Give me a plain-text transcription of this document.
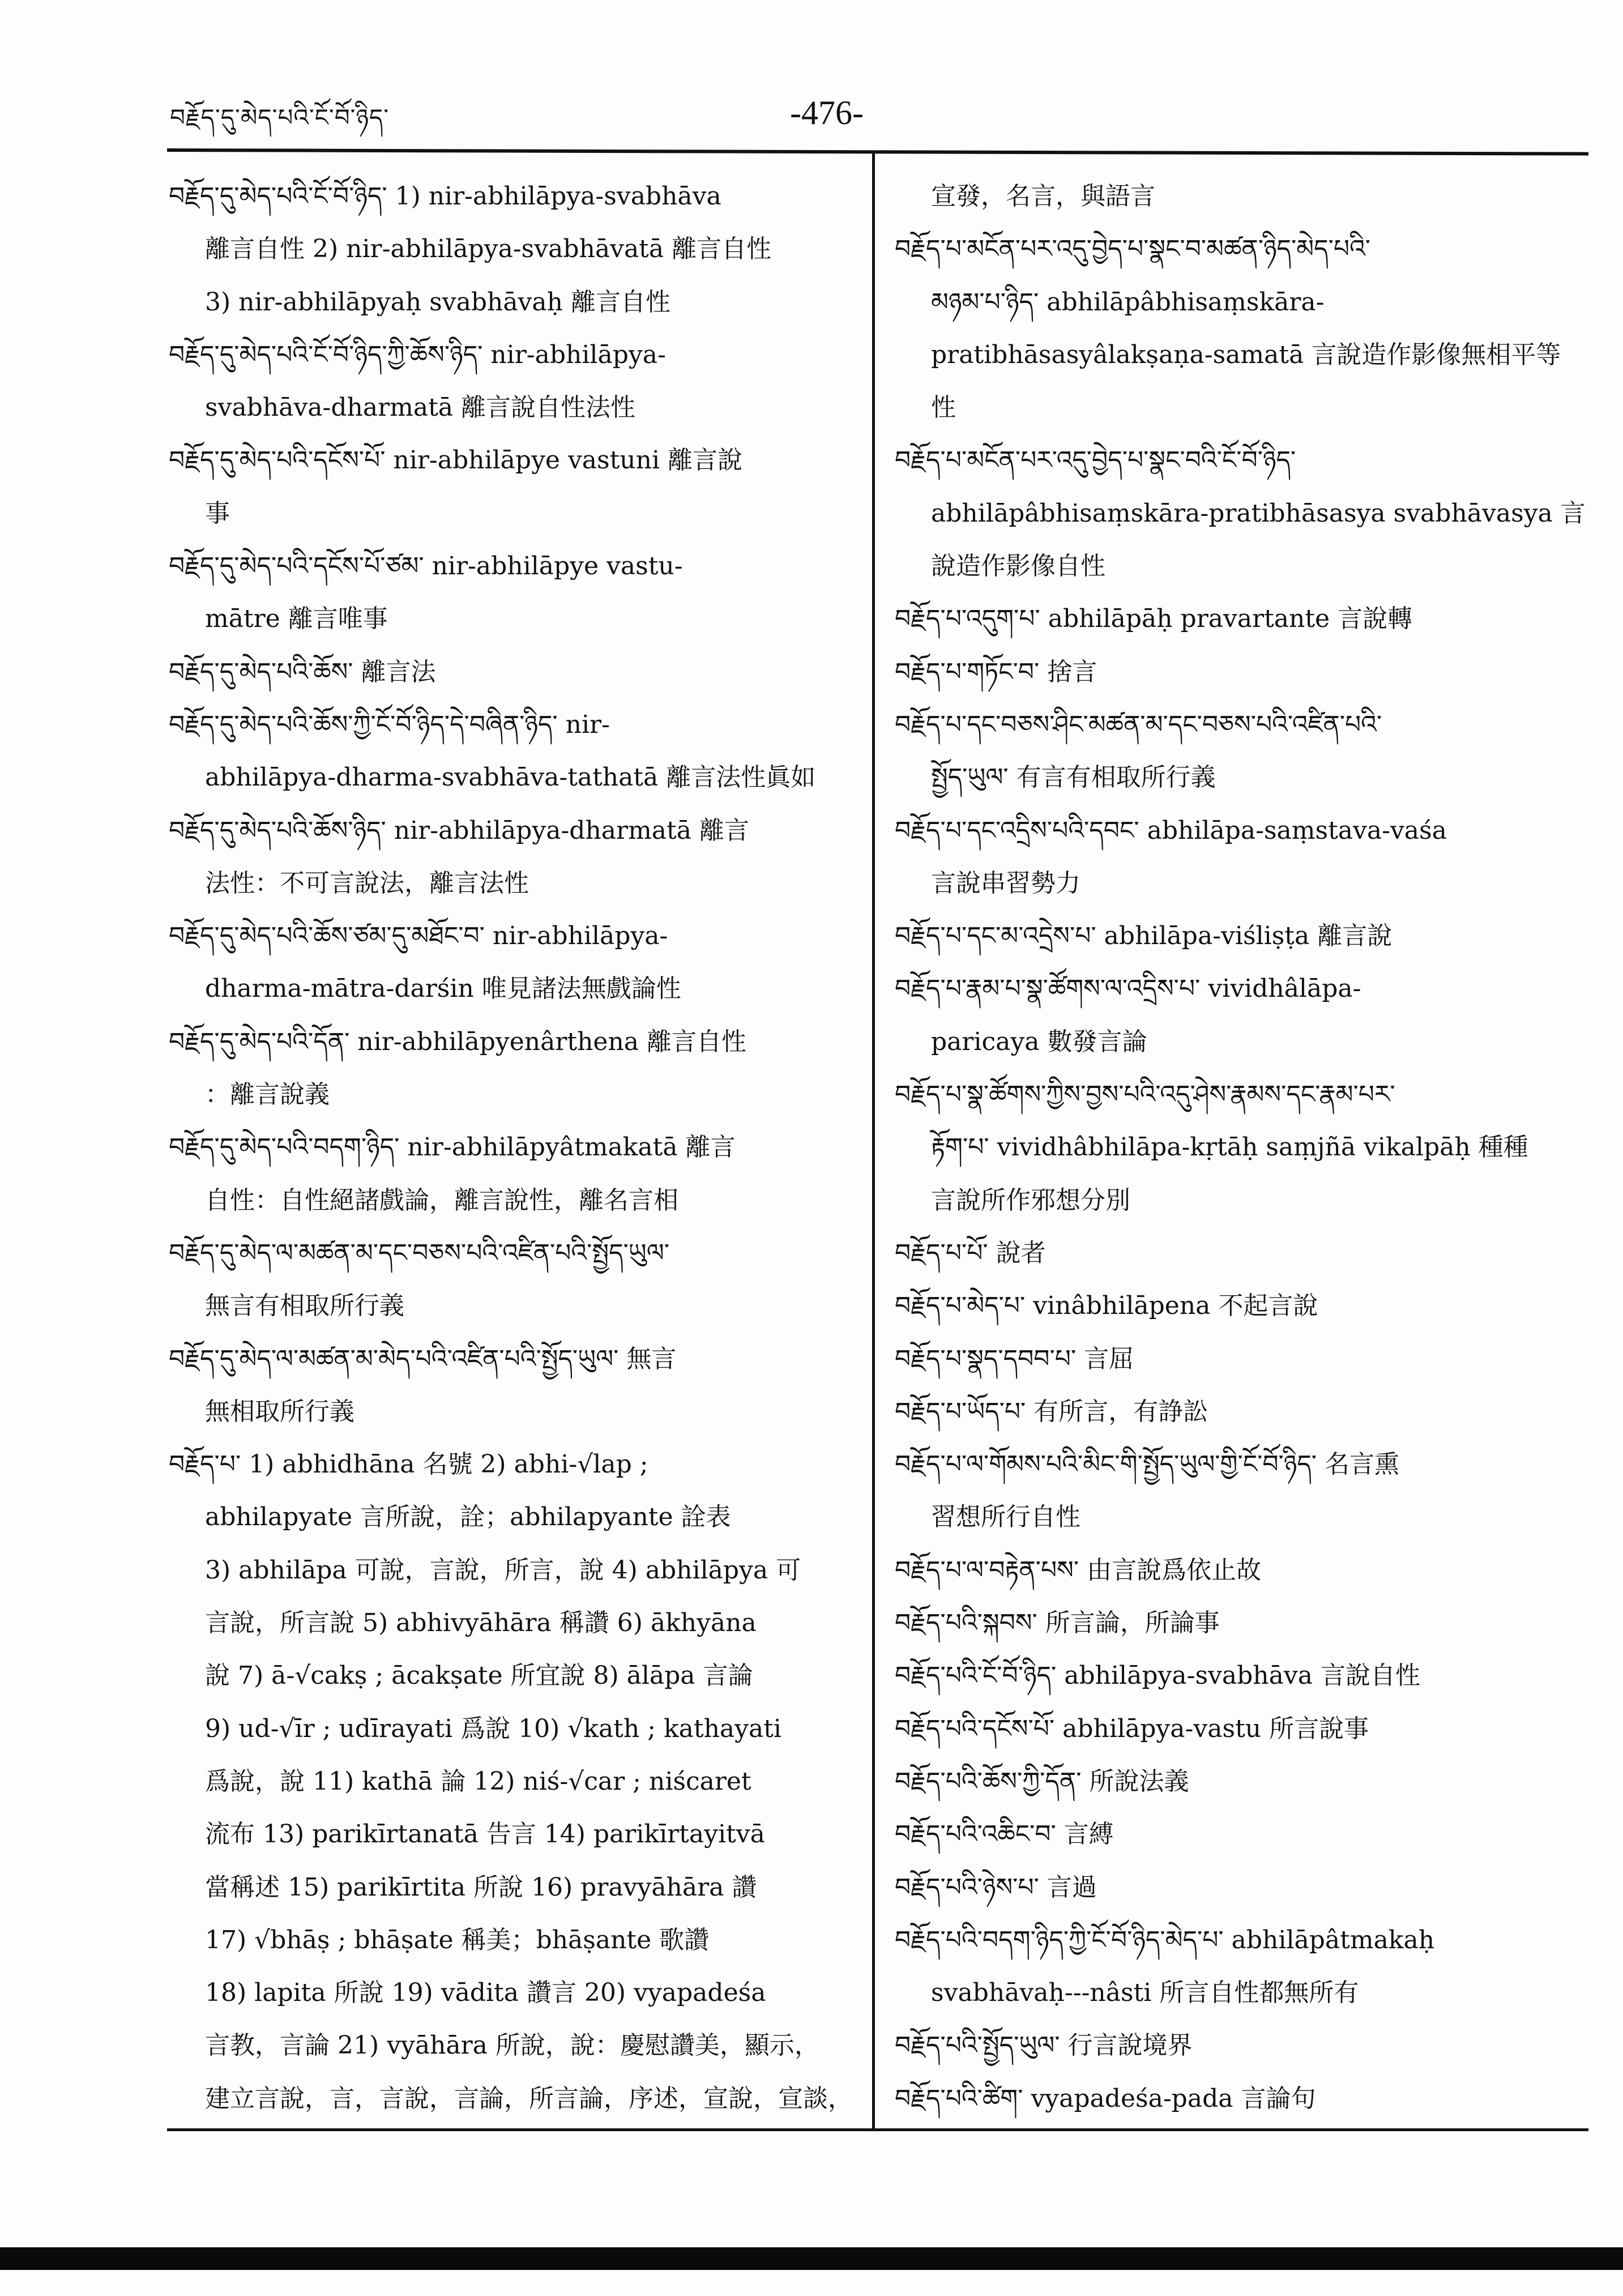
བརྗོད་དུ་མེད་པའི་ངོ་བོ་ཉིད་	-476-
བརྗོད་དུ་མེད་པའི་ངོ་བོ་ཉིད་ 1) nir-abhilāpya-svabhāva
離言自性 2) nir-abhilāpya-svabhāvatā 離言自性
3) nir-abhilāpyaḥ svabhāvaḥ 離言自性
བརྗོད་དུ་མེད་པའི་ངོ་བོ་ཉིད་ཀྱི་ཆོས་ཉིད་ nir-abhilāpya-
svabhāva-dharmatā 離言說自性法性
བརྗོད་དུ་མེད་པའི་དངོས་པོ་ nir-abhilāpye vastuni 離言說
事
བརྗོད་དུ་མེད་པའི་དངོས་པོ་ཙམ་ nir-abhilāpye vastu-
mātre 離言唯事
བརྗོད་དུ་མེད་པའི་ཆོས་ 離言法
བརྗོད་དུ་མེད་པའི་ཆོས་ཀྱི་ངོ་བོ་ཉིད་དེ་བཞིན་ཉིད་ nir-
abhilāpya-dharma-svabhāva-tathatā 離言法性眞如
བརྗོད་དུ་མེད་པའི་ཆོས་ཉིད་ nir-abhilāpya-dharmatā 離言
法性：不可言說法，離言法性
བརྗོད་དུ་མེད་པའི་ཆོས་ཙམ་དུ་མཐོང་བ་ nir-abhilāpya-
dharma-mātra-darśin 唯見諸法無戲論性
བརྗོད་དུ་མེད་པའི་དོན་ nir-abhilāpyenârthena 離言自性
：離言說義
བརྗོད་དུ་མེད་པའི་བདག་ཉིད་ nir-abhilāpyâtmakatā 離言
自性：自性絕諸戲論，離言說性，離名言相
བརྗོད་དུ་མེད་ལ་མཚན་མ་དང་བཅས་པའི་འཛིན་པའི་སྤྱོད་ཡུལ་
無言有相取所行義
བརྗོད་དུ་མེད་ལ་མཚན་མ་མེད་པའི་འཛིན་པའི་སྤྱོད་ཡུལ་ 無言
無相取所行義
བརྗོད་པ་ 1) abhidhāna 名號 2) abhi-√lap ;
abhilapyate 言所說，詮；abhilapyante 詮表
3) abhilāpa 可說，言說，所言，說 4) abhilāpya 可
言說，所言說 5) abhivyāhāra 稱讚 6) ākhyāna
說 7) ā-√cakṣ ; ācakṣate 所宜說 8) ālāpa 言論
9) ud-√īr ; udīrayati 爲說 10) √kath ; kathayati
爲說，說 11) kathā 論 12) niś-√car ; niścaret
流布 13) parikīrtanatā 告言 14) parikīrtayitvā
當稱述 15) parikīrtita 所說 16) pravyāhāra 讚
17) √bhāṣ ; bhāṣate 稱美；bhāṣante 歌讚
18) lapita 所說 19) vādita 讚言 20) vyapadeśa
言教，言論 21) vyāhāra 所說，說：慶慰讚美，顯示，
建立言說，言，言說，言論，所言論，序述，宣說，宣談，
宣發，名言，與語言
བརྗོད་པ་མངོན་པར་འདུ་བྱེད་པ་སྣང་བ་མཚན་ཉིད་མེད་པའི་
མཉམ་པ་ཉིད་ abhilāpâbhisaṃskāra-
pratibhāsasyâlakṣaṇa-samatā 言說造作影像無相平等
性
བརྗོད་པ་མངོན་པར་འདུ་བྱེད་པ་སྣང་བའི་ངོ་བོ་ཉིད་
abhilāpâbhisaṃskāra-pratibhāsasya svabhāvasya 言
說造作影像自性
བརྗོད་པ་འདུག་པ་ abhilāpāḥ pravartante 言說轉
བརྗོད་པ་གཏོང་བ་ 捨言
བརྗོད་པ་དང་བཅས་ཤིང་མཚན་མ་དང་བཅས་པའི་འཛིན་པའི་
སྤྱོད་ཡུལ་ 有言有相取所行義
བརྗོད་པ་དང་འདྲིས་པའི་དབང་ abhilāpa-saṃstava-vaśa
言說串習勢力
བརྗོད་པ་དང་མ་འདྲེས་པ་ abhilāpa-viśliṣṭa 離言說
བརྗོད་པ་རྣམ་པ་སྣ་ཚོགས་ལ་འདྲིས་པ་ vividhâlāpa-
paricaya 數發言論
བརྗོད་པ་སྣ་ཚོགས་ཀྱིས་བྱས་པའི་འདུ་ཤེས་རྣམས་དང་རྣམ་པར་
རྟོག་པ་ vividhâbhilāpa-kṛtāḥ saṃjñā vikalpāḥ 種種
言說所作邪想分別
བརྗོད་པ་པོ་ 說者
བརྗོད་པ་མེད་པ་ vinâbhilāpena 不起言說
བརྗོད་པ་སྣད་དབབ་པ་ 言屈
བརྗོད་པ་ཡོད་པ་ 有所言，有諍訟
བརྗོད་པ་ལ་གོམས་པའི་མིང་གི་སྤྱོད་ཡུལ་གྱི་ངོ་བོ་ཉིད་ 名言熏
習想所行自性
བརྗོད་པ་ལ་བརྟེན་པས་ 由言說爲依止故
བརྗོད་པའི་སྐབས་ 所言論，所論事
བརྗོད་པའི་ངོ་བོ་ཉིད་ abhilāpya-svabhāva 言說自性
བརྗོད་པའི་དངོས་པོ་ abhilāpya-vastu 所言說事
བརྗོད་པའི་ཆོས་ཀྱི་དོན་ 所說法義
བརྗོད་པའི་འཆིང་བ་ 言縛
བརྗོད་པའི་ཉེས་པ་ 言過
བརྗོད་པའི་བདག་ཉིད་ཀྱི་ངོ་བོ་ཉིད་མེད་པ་ abhilāpâtmakaḥ
svabhāvaḥ---nâsti 所言自性都無所有
བརྗོད་པའི་སྤྱོད་ཡུལ་ 行言說境界
བརྗོད་པའི་ཚིག་ vyapadeśa-pada 言論句
